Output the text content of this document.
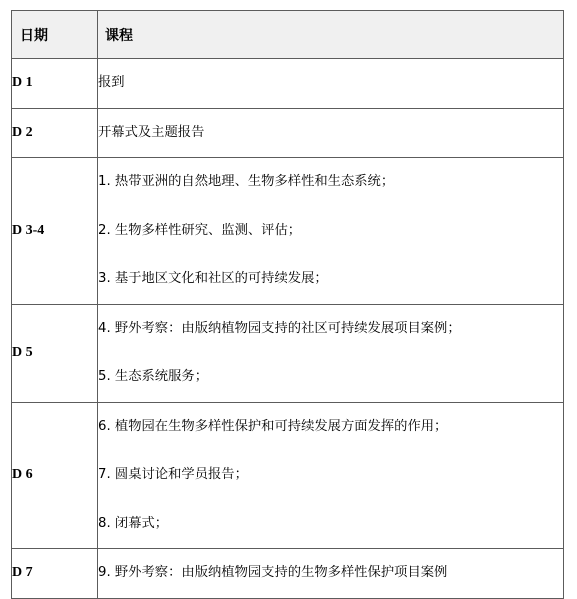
日期	课程
D 1	报到

D 2	开幕式及主题报告

D 3-4	1. 热带亚洲的自然地理、生物多样性和生态系统；
2. 生物多样性研究、监测、评估；
3. 基于地区文化和社区的可持续发展；

D 5	4. 野外考察：由版纳植物园支持的社区可持续发展项目案例；
5. 生态系统服务；

D 6	6. 植物园在生物多样性保护和可持续发展方面发挥的作用；
7. 圆桌讨论和学员报告；
8. 闭幕式；

D 7	9. 野外考察：由版纳植物园支持的生物多样性保护项目案例
